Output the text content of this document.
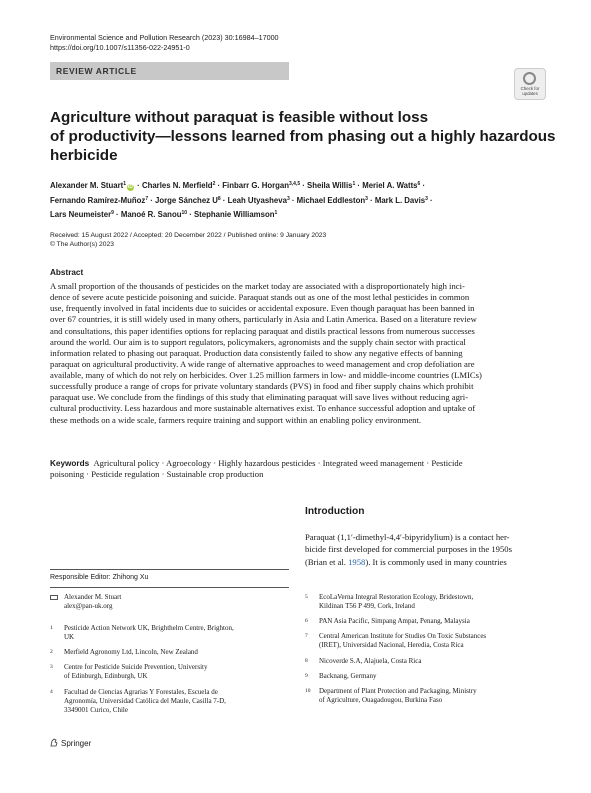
Environmental Science and Pollution Research (2023) 30:16984–17000
https://doi.org/10.1007/s11356-022-24951-0
REVIEW ARTICLE
Check for
updates
Agriculture without paraquat is feasible without loss
of productivity—lessons learned from phasing out a highly hazardous
herbicide
Alexander M. Stuart$^1$ iD · Charles N. Merfield$^2$ · Finbarr G. Horgan$^{3,4,5}$ · Sheila Willis$^1$ · Meriel A. Watts$^6$ ·
Fernando Ramírez‑Muñoz$^7$ · Jorge Sánchez $U^8$ · Leah Utyasheva$^3$ · Michael Eddleston$^3$ · Mark L. Davis$^3$ ·
Lars Neumeister$^9$ · Manoé R. Sanou$^{10}$ · Stephanie Williamson$^1$
Received: 15 August 2022 / Accepted: 20 December 2022 / Published online: 9 January 2023
© The Author(s) 2023
Abstract
A small proportion of the thousands of pesticides on the market today are associated with a disproportionately high inci-
dence of severe acute pesticide poisoning and suicide. Paraquat stands out as one of the most lethal pesticides in common
use, frequently involved in fatal incidents due to suicides or accidental exposure. Even though paraquat has been banned in
over 67 countries, it is still widely used in many others, particularly in Asia and Latin America. Based on a literature review
and consultations, this paper identifies options for replacing paraquat and distils practical lessons from numerous successes
around the world. Our aim is to support regulators, policymakers, agronomists and the supply chain sector with practical
information related to phasing out paraquat. Production data consistently failed to show any negative effects of banning
paraquat on agricultural productivity. A wide range of alternative approaches to weed management and crop defoliation are
available, many of which do not rely on herbicides. Over 1.25 million farmers in low- and middle-income countries (LMICs)
successfully produce a range of crops for private voluntary standards (PVS) in food and fiber supply chains which prohibit
paraquat use. We conclude from the findings of this study that eliminating paraquat will save lives without reducing agri-
cultural productivity. Less hazardous and more sustainable alternatives exist. To enhance successful adoption and uptake of
these methods on a wide scale, farmers require training and support within an enabling policy environment.
Keywords Agricultural policy · Agroecology · Highly hazardous pesticides · Integrated weed management · Pesticide
poisoning · Pesticide regulation · Sustainable crop production
Introduction
Paraquat (1,1′-dimethyl-4,4′-bipyridylium) is a contact her-
bicide first developed for commercial purposes in the 1950s
(Brian et al. 1958). It is commonly used in many countries
Responsible Editor: Zhihong Xu
Alexander M. Stuart
alex@pan-uk.org
1 Pesticide Action Network UK, Brighthelm Centre, Brighton,
UK
2 Merfield Agronomy Ltd, Lincoln, New Zealand
3 Centre for Pesticide Suicide Prevention, University
of Edinburgh, Edinburgh, UK
4 Facultad de Ciencias Agrarias Y Forestales, Escuela de
Agronomía, Universidad Católica del Maule, Casilla 7-D,
3349001 Curico, Chile
5 EcoLaVerna Integral Restoration Ecology, Bridestown,
Kildinan T56 P 499, Cork, Ireland
6 PAN Asia Pacific, Simpang Ampat, Penang, Malaysia
7 Central American Institute for Studies On Toxic Substances
(IRET), Universidad Nacional, Heredia, Costa Rica
8 Nicoverde S.A, Alajuela, Costa Rica
9 Backnang, Germany
10 Department of Plant Protection and Packaging, Ministry
of Agriculture, Ouagadougou, Burkina Faso
Springer
